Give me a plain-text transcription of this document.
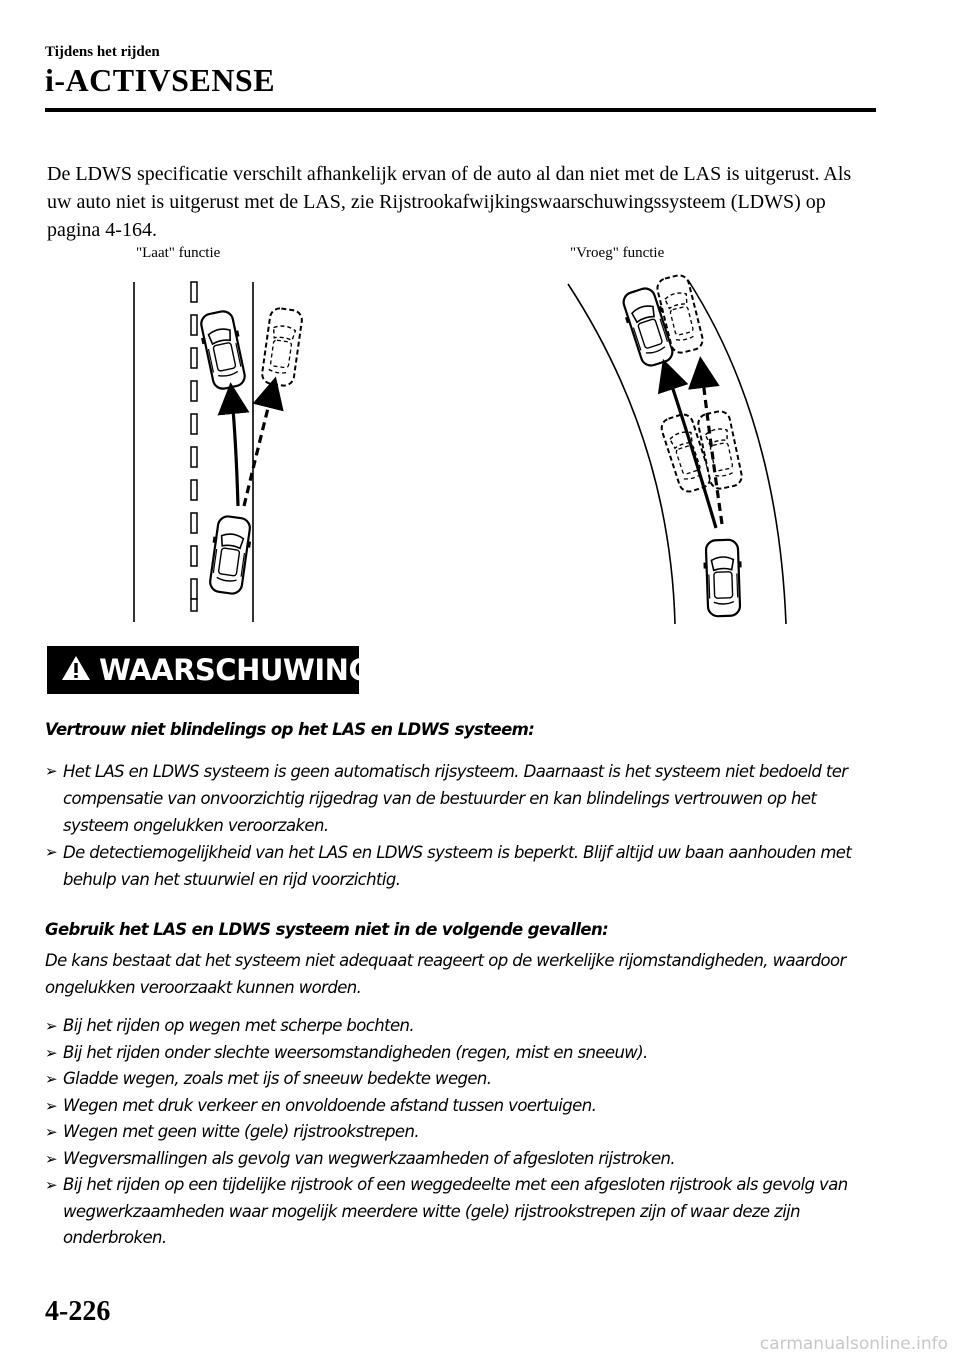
Tijdens het rijden
i-ACTIVSENSE

De LDWS specificatie verschilt afhankelijk ervan of de auto al dan niet met de LAS is uitgerust. Als uw auto niet is uitgerust met de LAS, zie Rijstrookafwijkingswaarschuwingssysteem (LDWS) op pagina 4-164.

"Laat" functie	"Vroeg" functie
WAARSCHUWING
Vertrouw niet blindelings op het LAS en LDWS systeem:
➢ Het LAS en LDWS systeem is geen automatisch rijsysteem. Daarnaast is het systeem niet bedoeld ter compensatie van onvoorzichtig rijgedrag van de bestuurder en kan blindelings vertrouwen op het systeem ongelukken veroorzaken.
➢ De detectiemogelijkheid van het LAS en LDWS systeem is beperkt. Blijf altijd uw baan aanhouden met behulp van het stuurwiel en rijd voorzichtig.
Gebruik het LAS en LDWS systeem niet in de volgende gevallen:

De kans bestaat dat het systeem niet adequaat reageert op de werkelijke rijomstandigheden, waardoor ongelukken veroorzaakt kunnen worden.

➢ Bij het rijden op wegen met scherpe bochten.
➢ Bij het rijden onder slechte weersomstandigheden (regen, mist en sneeuw).
➢ Gladde wegen, zoals met ijs of sneeuw bedekte wegen.
➢ Wegen met druk verkeer en onvoldoende afstand tussen voertuigen.
➢ Wegen met geen witte (gele) rijstrookstrepen.
➢ Wegversmallingen als gevolg van wegwerkzaamheden of afgesloten rijstroken.
➢ Bij het rijden op een tijdelijke rijstrook of een weggedeelte met een afgesloten rijstrook als gevolg van wegwerkzaamheden waar mogelijk meerdere witte (gele) rijstrookstrepen zijn of waar deze zijn onderbroken.
4-226
carmanualsonline.info
